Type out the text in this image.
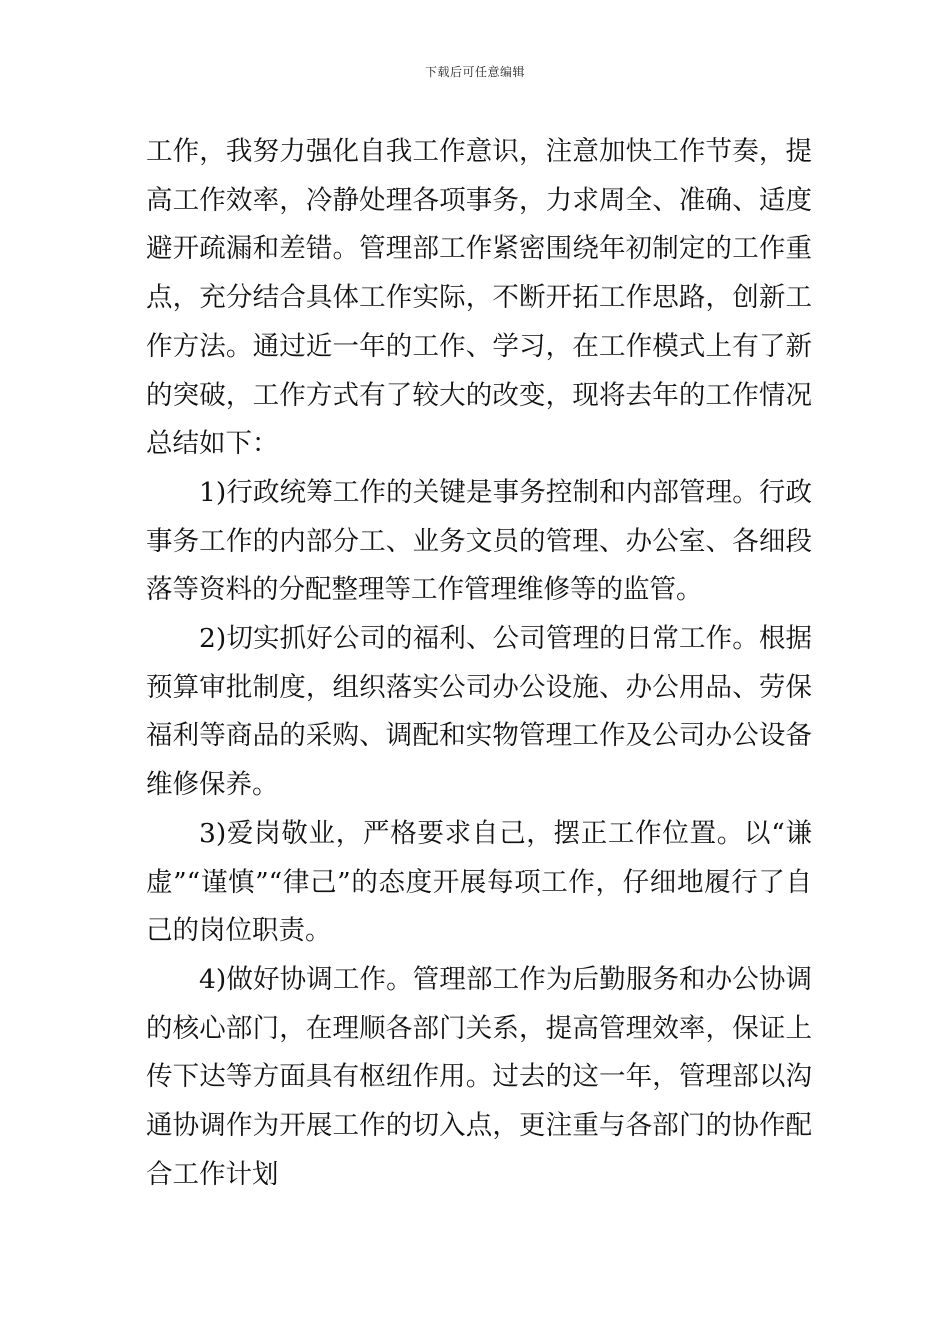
下载后可任意编辑

工作，我努力强化自我工作意识，注意加快工作节奏，提高工作效率，冷静处理各项事务，力求周全、准确、适度避开疏漏和差错。管理部工作紧密围绕年初制定的工作重点，充分结合具体工作实际，不断开拓工作思路，创新工作方法。通过近一年的工作、学习，在工作模式上有了新的突破，工作方式有了较大的改变，现将去年的工作情况总结如下：

1)行政统筹工作的关键是事务控制和内部管理。行政事务工作的内部分工、业务文员的管理、办公室、各细段落等资料的分配整理等工作管理维修等的监管。

2)切实抓好公司的福利、公司管理的日常工作。根据预算审批制度，组织落实公司办公设施、办公用品、劳保福利等商品的采购、调配和实物管理工作及公司办公设备维修保养。

3)爱岗敬业，严格要求自己，摆正工作位置。以“谦虚”“谨慎”“律己”的态度开展每项工作，仔细地履行了自己的岗位职责。

4)做好协调工作。管理部工作为后勤服务和办公协调的核心部门，在理顺各部门关系，提高管理效率，保证上传下达等方面具有枢纽作用。过去的这一年，管理部以沟通协调作为开展工作的切入点，更注重与各部门的协作配合工作计划
